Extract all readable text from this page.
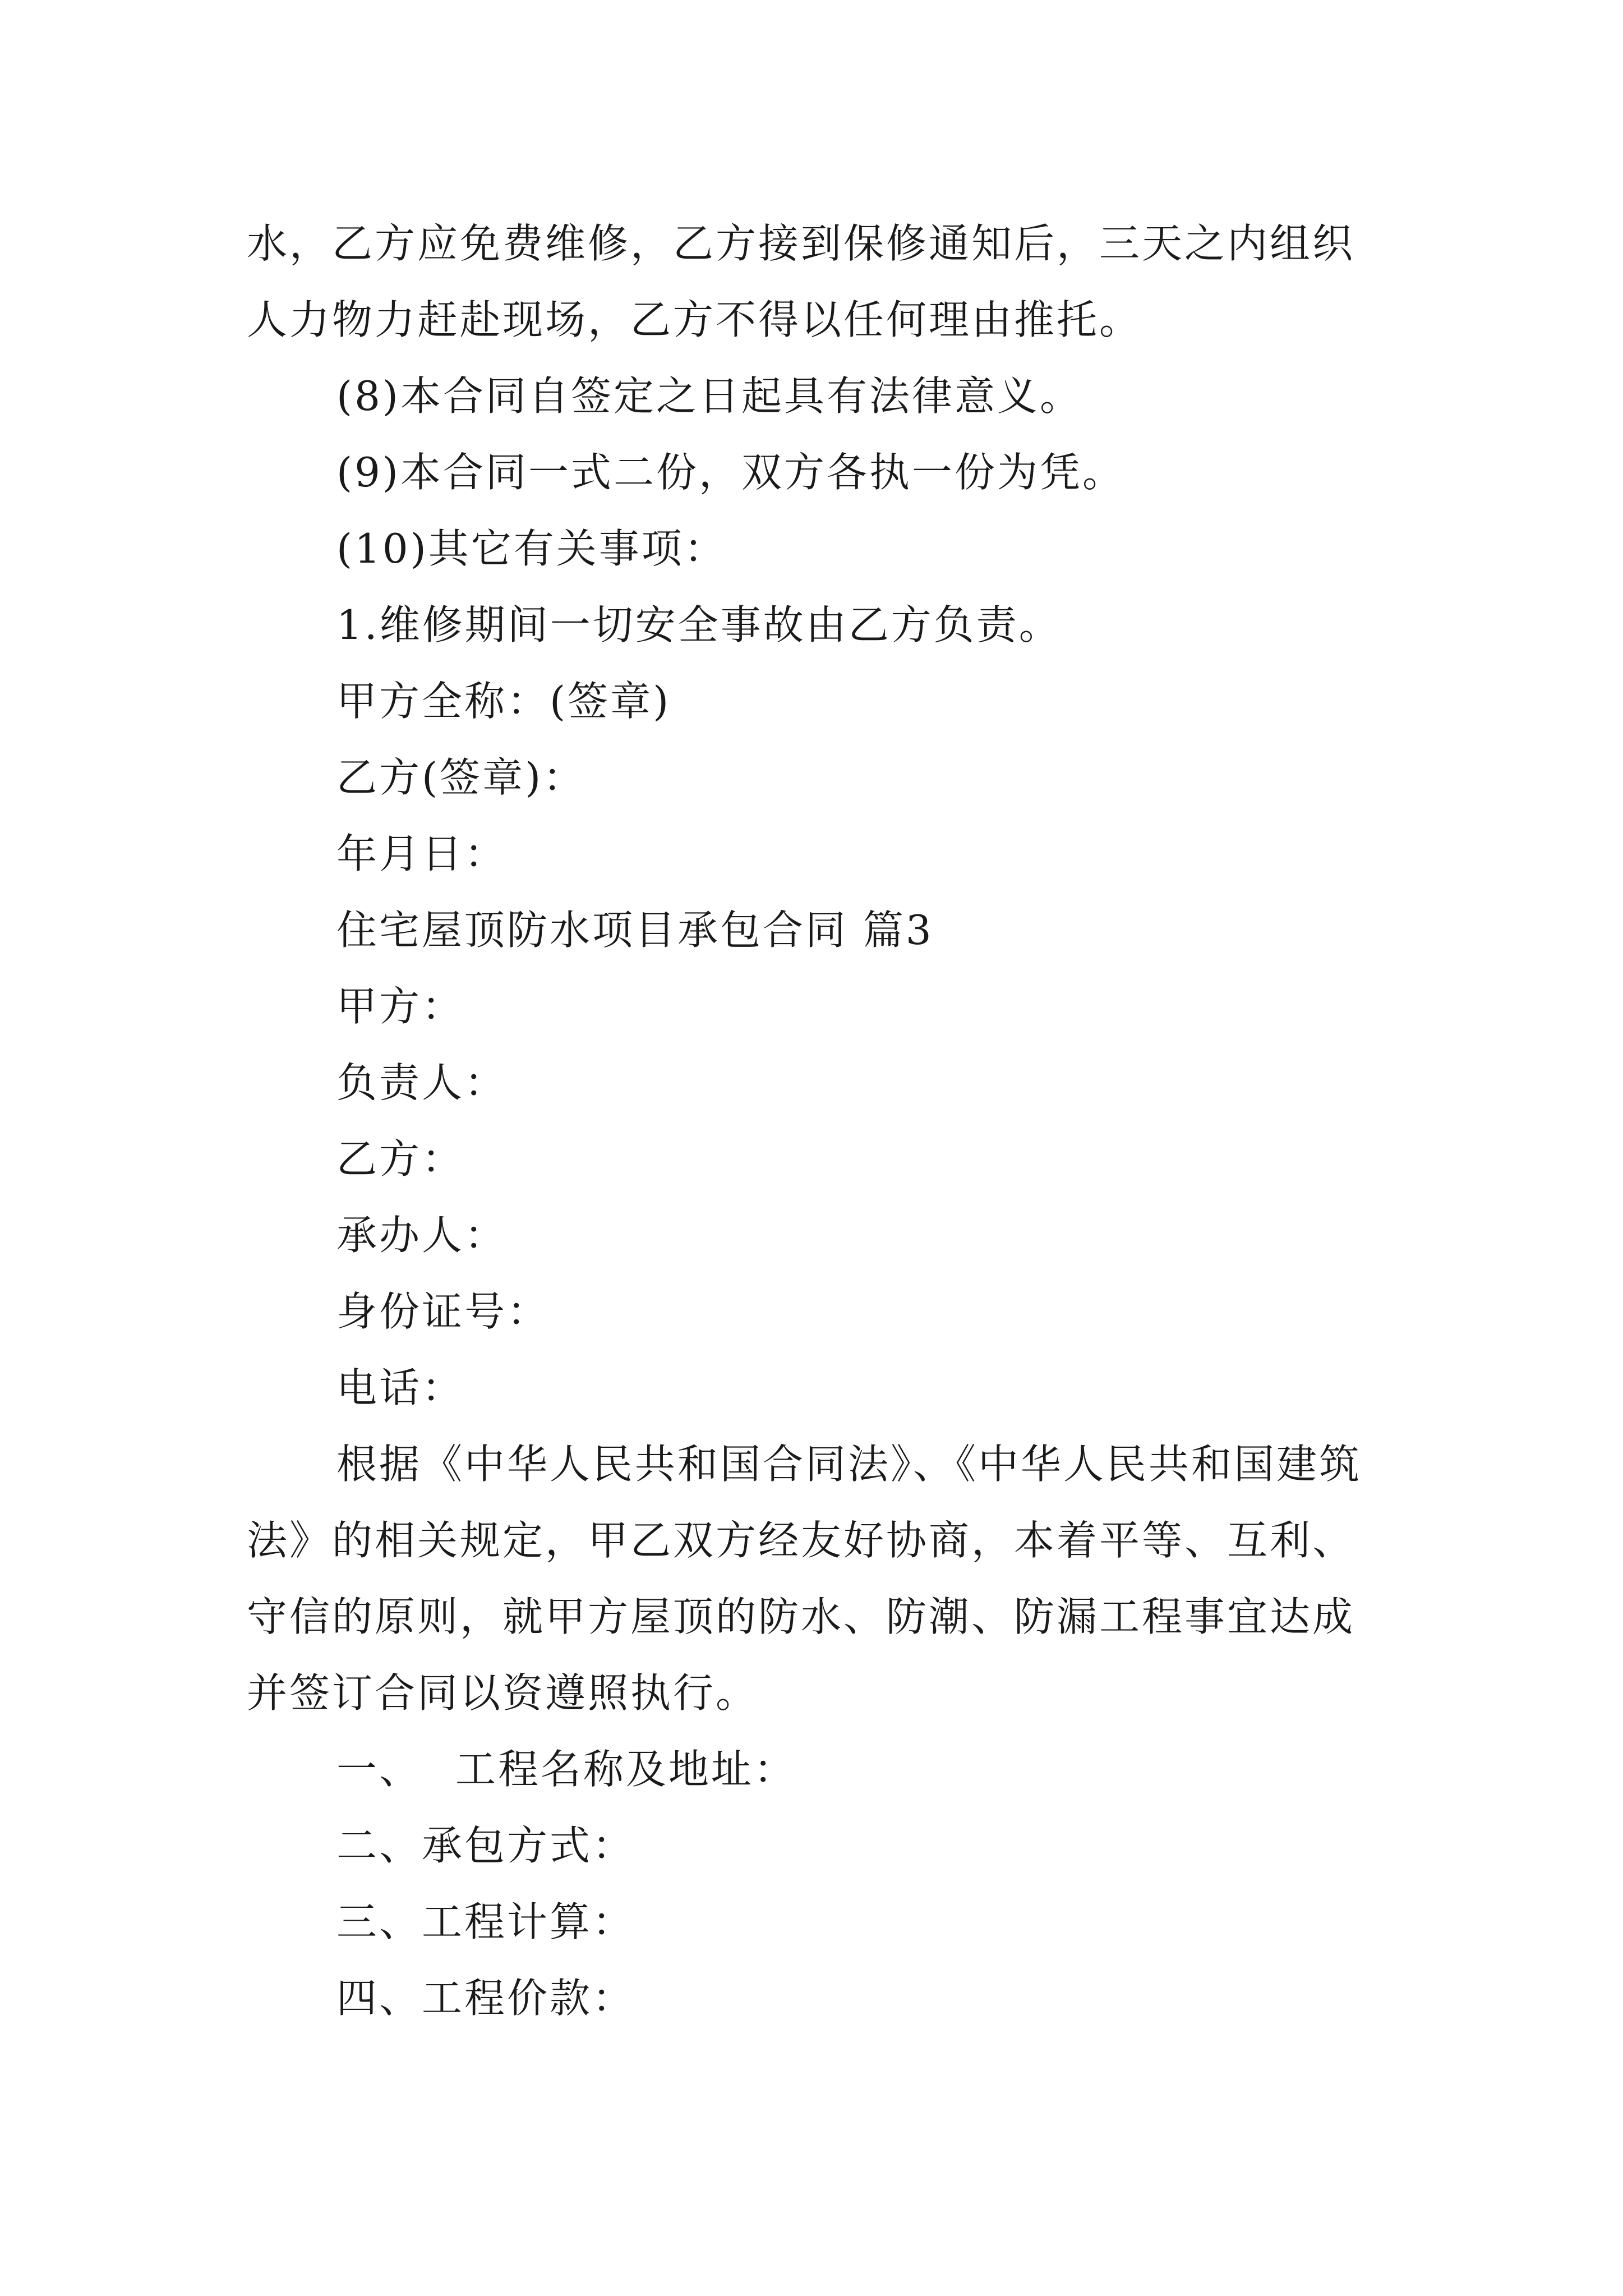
水，乙方应免费维修，乙方接到保修通知后，三天之内组织
人力物力赶赴现场，乙方不得以任何理由推托。
(8)本合同自签定之日起具有法律意义。
(9)本合同一式二份，双方各执一份为凭。
(10)其它有关事项：
1.维修期间一切安全事故由乙方负责。
甲方全称：(签章)
乙方(签章)：
年月日：
住宅屋顶防水项目承包合同 篇3
甲方：
负责人：
乙方：
承办人：
身份证号：
电话：
根据《中华人民共和国合同法》、《中华人民共和国建筑
法》的相关规定，甲乙双方经友好协商，本着平等、互利、
守信的原则，就甲方屋顶的防水、防潮、防漏工程事宜达成
并签订合同以资遵照执行。
一、 工程名称及地址：
二、承包方式：
三、工程计算：
四、工程价款：
